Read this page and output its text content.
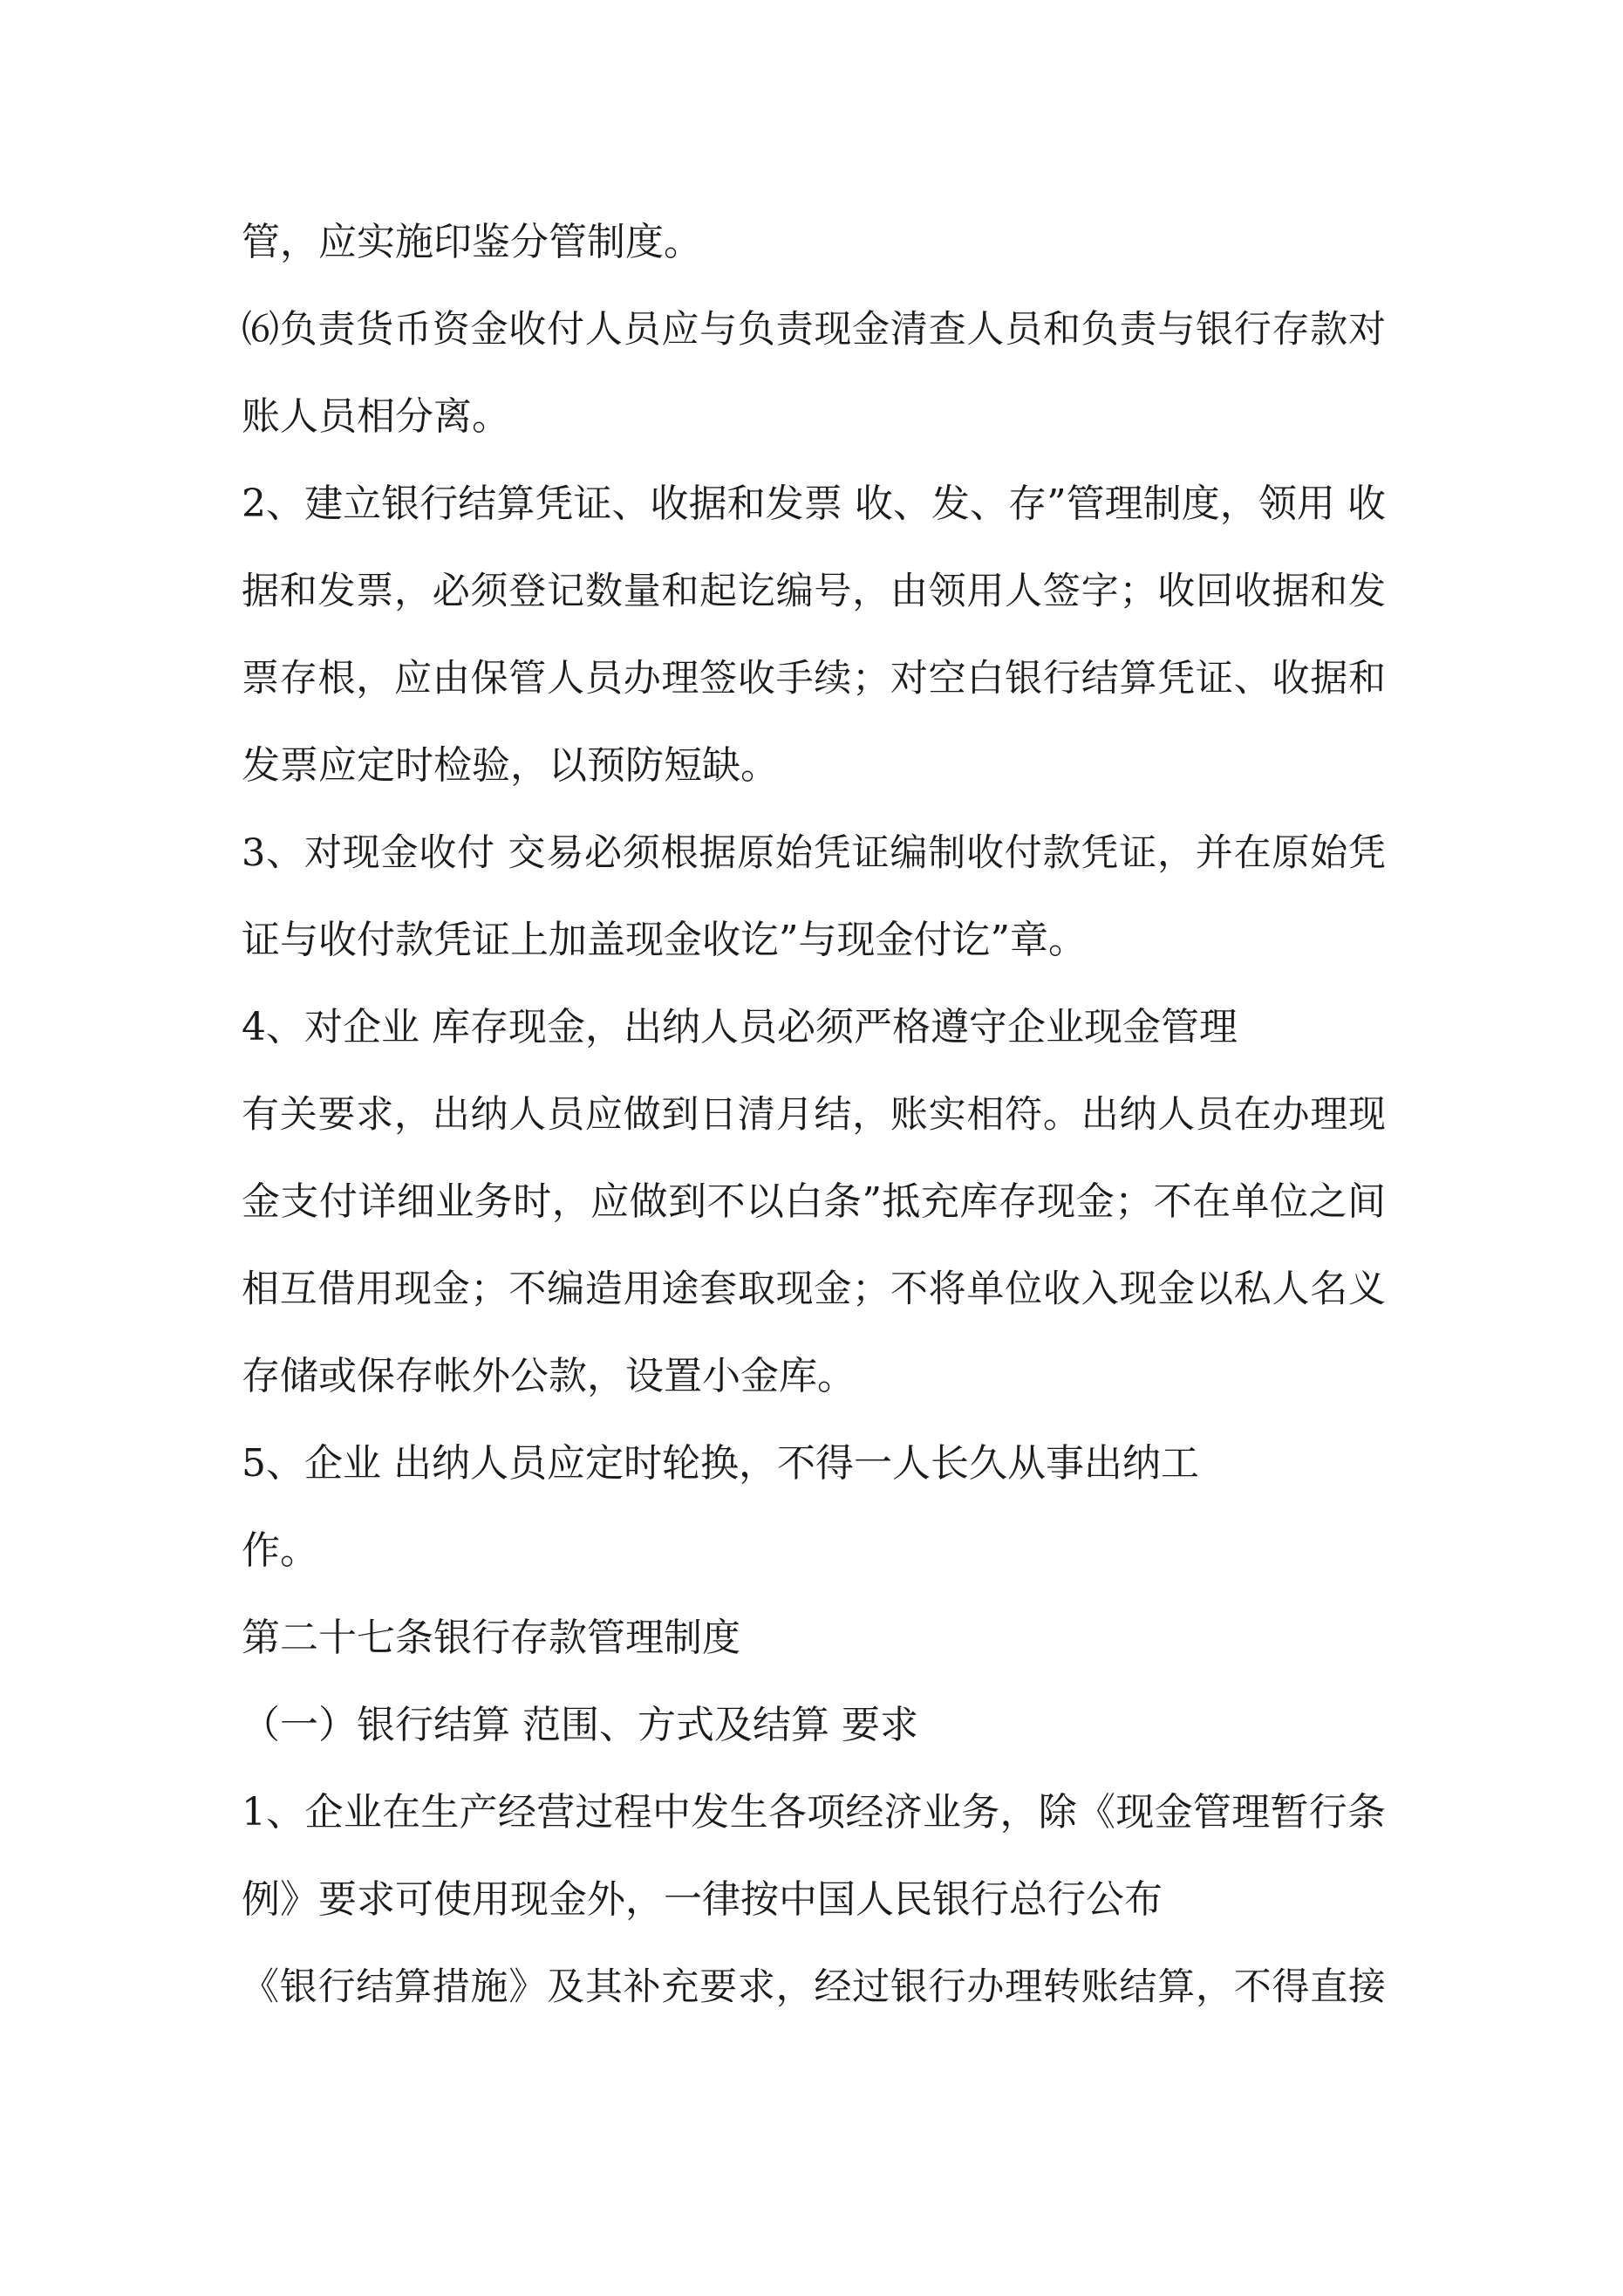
管，应实施印鉴分管制度。

⑹负责货币资金收付人员应与负责现金清查人员和负责与银行存款对

账人员相分离。

2、建立银行结算凭证、收据和发票 收、发、存”管理制度，领用 收

据和发票，必须登记数量和起讫编号，由领用人签字；收回收据和发

票存根，应由保管人员办理签收手续；对空白银行结算凭证、收据和

发票应定时检验，以预防短缺。

3、对现金收付 交易必须根据原始凭证编制收付款凭证，并在原始凭

证与收付款凭证上加盖现金收讫”与现金付讫”章。

4、对企业 库存现金，出纳人员必须严格遵守企业现金管理

有关要求，出纳人员应做到日清月结，账实相符。出纳人员在办理现

金支付详细业务时，应做到不以白条”抵充库存现金；不在单位之间

相互借用现金；不编造用途套取现金；不将单位收入现金以私人名义

存储或保存帐外公款，设置小金库。

5、企业 出纳人员应定时轮换，不得一人长久从事出纳工

作。

第二十七条银行存款管理制度

（一）银行结算 范围、方式及结算 要求

1、企业在生产经营过程中发生各项经济业务，除《现金管理暂行条

例》要求可使用现金外，一律按中国人民银行总行公布

《银行结算措施》及其补充要求，经过银行办理转账结算，不得直接
